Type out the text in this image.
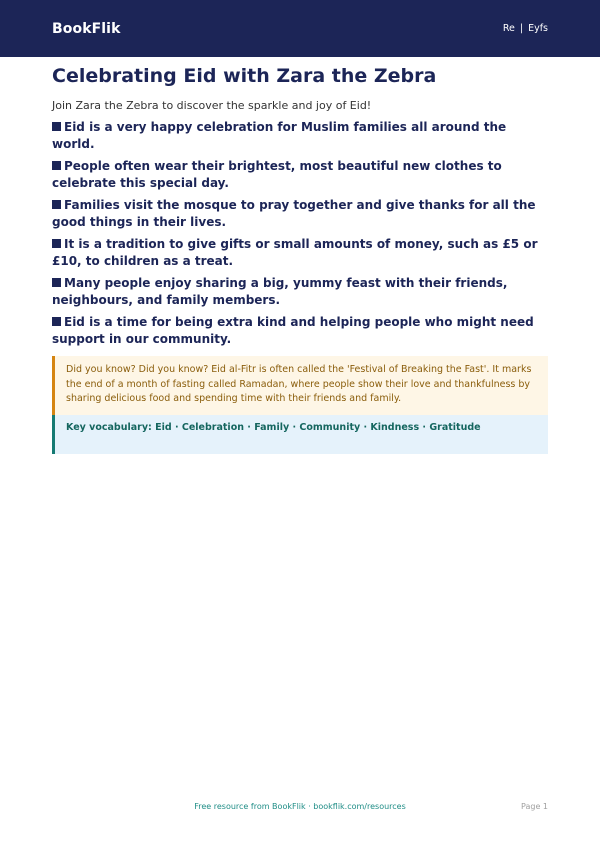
BookFlik	Re | Eyfs
Celebrating Eid with Zara the Zebra

Join Zara the Zebra to discover the sparkle and joy of Eid!

Eid is a very happy celebration for Muslim families all around the world.
People often wear their brightest, most beautiful new clothes to celebrate this special day.
Families visit the mosque to pray together and give thanks for all the good things in their lives.
It is a tradition to give gifts or small amounts of money, such as £5 or £10, to children as a treat.
Many people enjoy sharing a big, yummy feast with their friends, neighbours, and family members.
Eid is a time for being extra kind and helping people who might need support in our community.
Did you know? Did you know? Eid al-Fitr is often called the 'Festival of Breaking the Fast'. It marks the end of a month of fasting called Ramadan, where people show their love and thankfulness by sharing delicious food and spending time with their friends and family.
Key vocabulary: Eid · Celebration · Family · Community · Kindness · Gratitude
Free resource from BookFlik · bookflik.com/resources	Page 1
